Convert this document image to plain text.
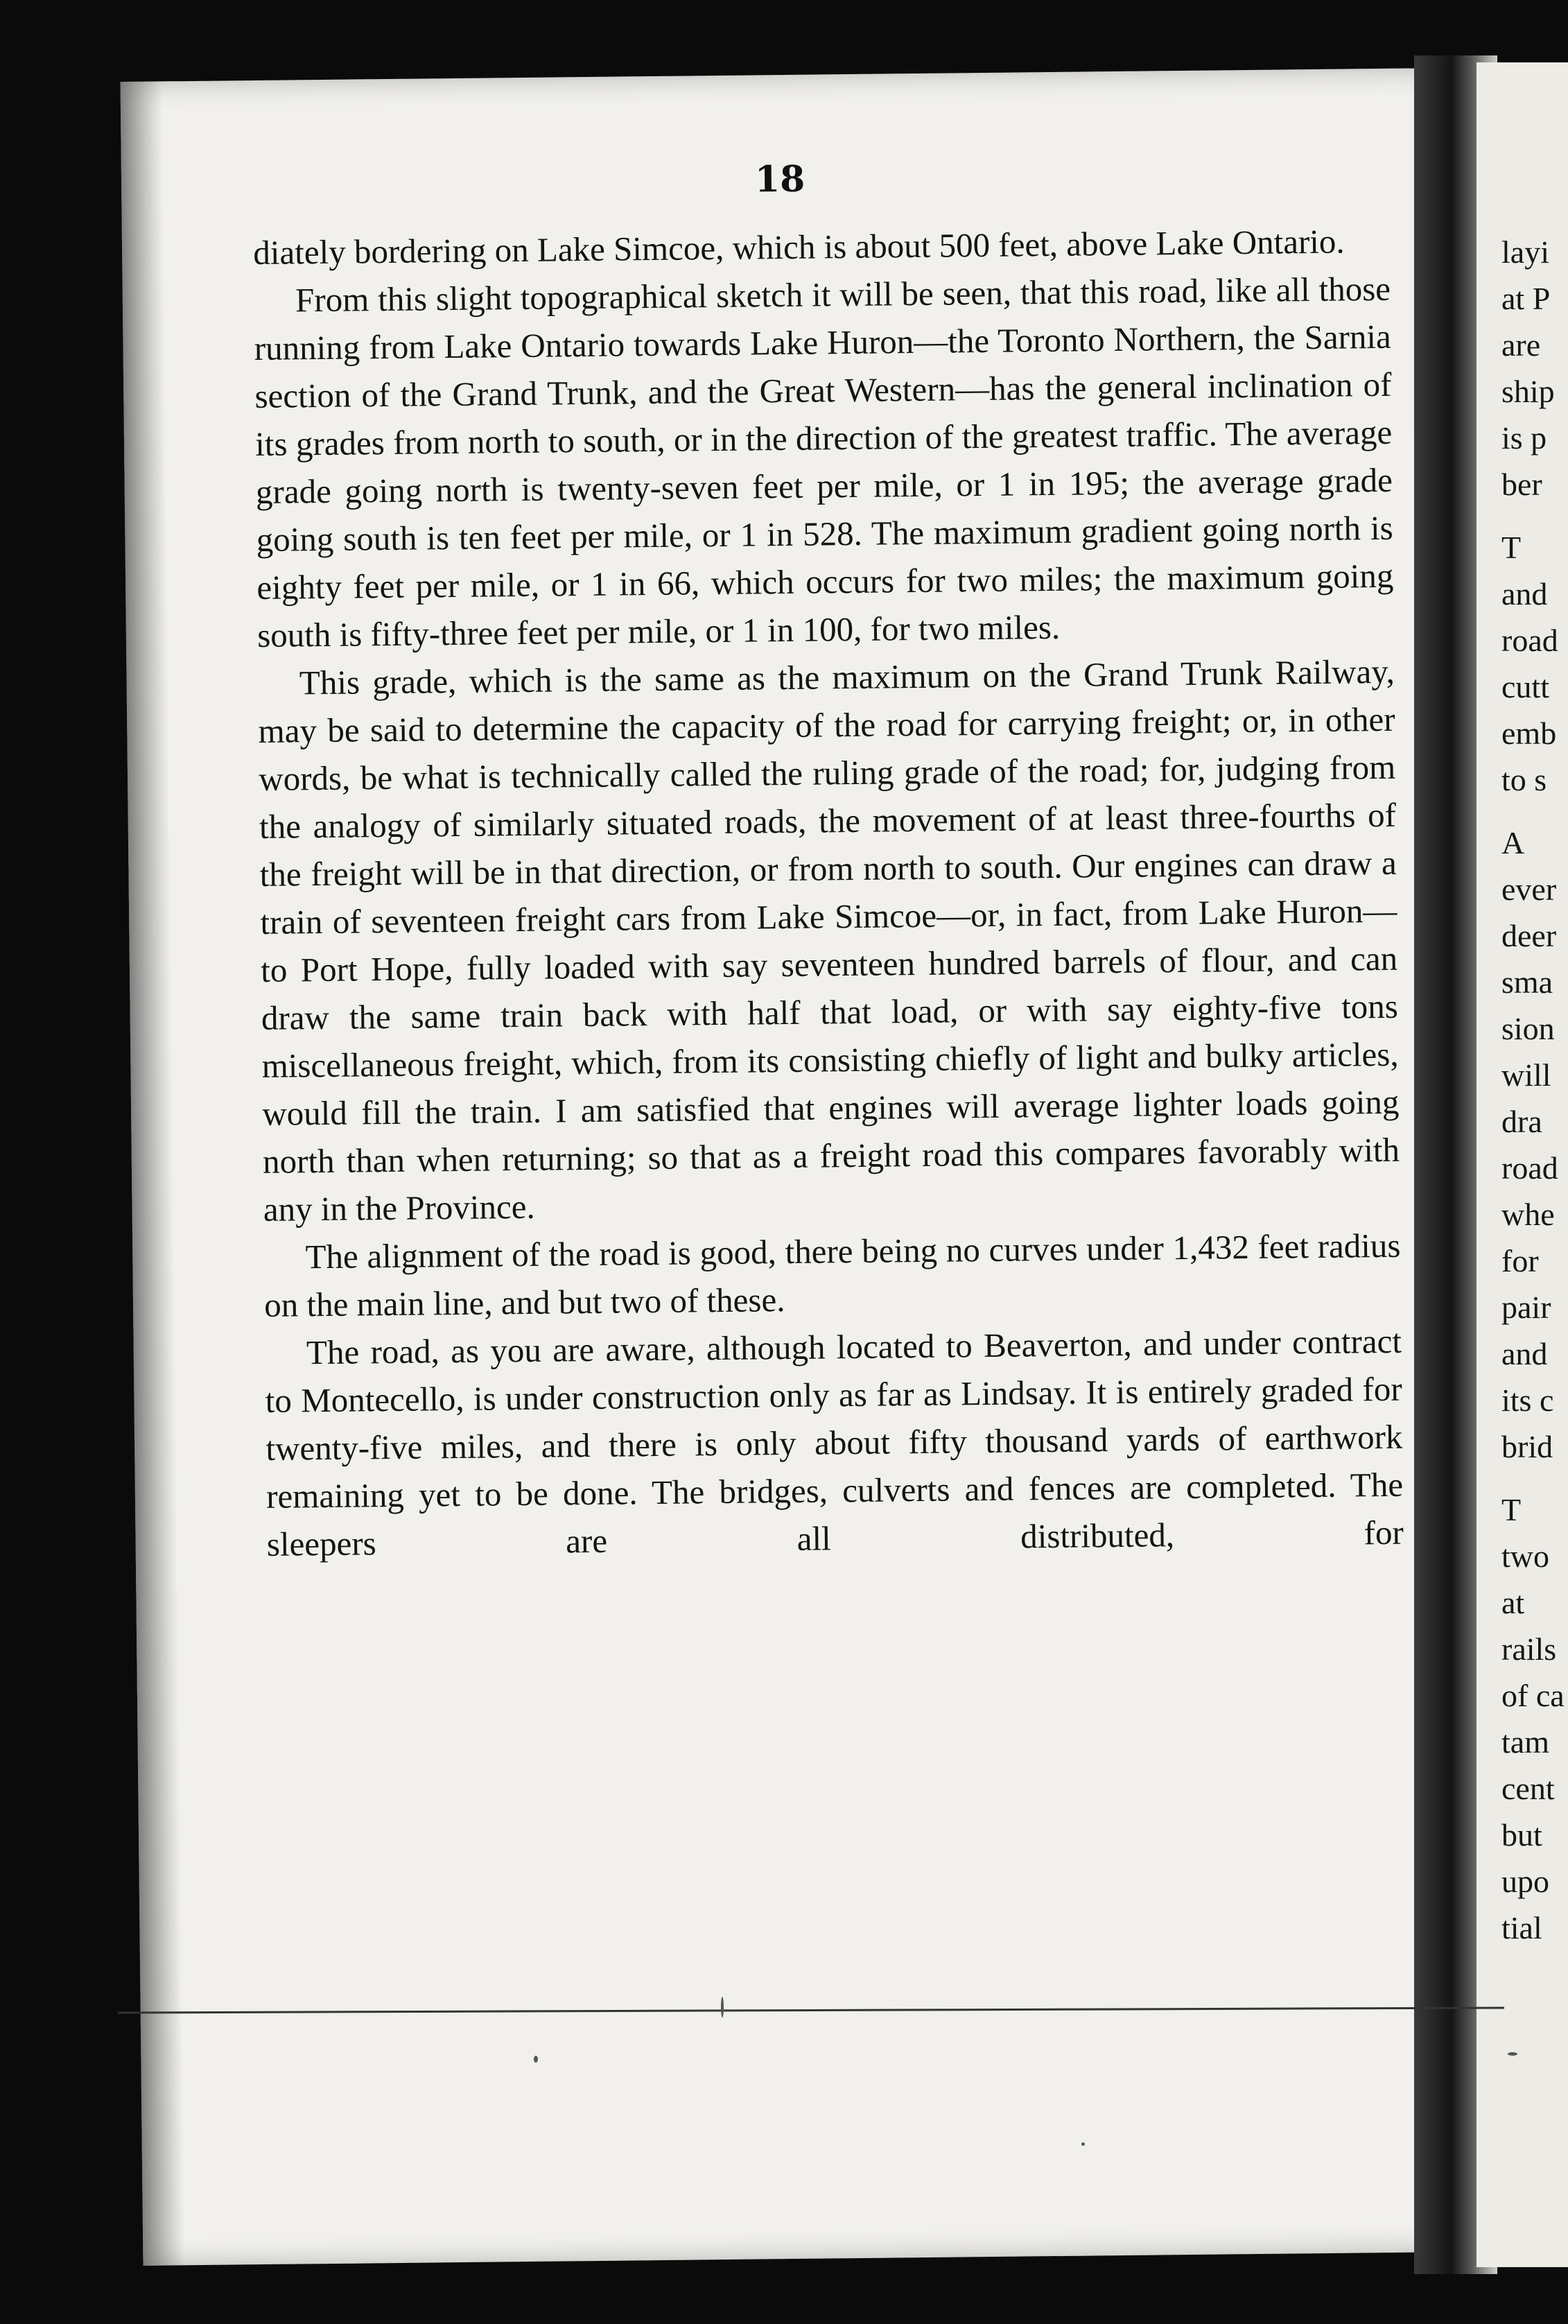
18

diately bordering on Lake Simcoe, which is about 500 feet, above Lake Ontario.

From this slight topographical sketch it will be seen, that this road, like all those running from Lake Ontario towards Lake Huron—the Toronto Northern, the Sarnia section of the Grand Trunk, and the Great Western—has the general inclination of its grades from north to south, or in the direction of the greatest traffic. The average grade going north is twenty-seven feet per mile, or 1 in 195; the average grade going south is ten feet per mile, or 1 in 528. The maximum gradient going north is eighty feet per mile, or 1 in 66, which occurs for two miles; the maximum going south is fifty-three feet per mile, or 1 in 100, for two miles.

This grade, which is the same as the maximum on the Grand Trunk Railway, may be said to determine the capacity of the road for carrying freight; or, in other words, be what is technically called the ruling grade of the road; for, judging from the analogy of similarly situated roads, the movement of at least three-fourths of the freight will be in that direction, or from north to south. Our engines can draw a train of seventeen freight cars from Lake Simcoe—or, in fact, from Lake Huron—to Port Hope, fully loaded with say seventeen hundred barrels of flour, and can draw the same train back with half that load, or with say eighty-five tons miscellaneous freight, which, from its consisting chiefly of light and bulky articles, would fill the train. I am satisfied that engines will average lighter loads going north than when returning; so that as a freight road this compares favorably with any in the Province.

The alignment of the road is good, there being no curves under 1,432 feet radius on the main line, and but two of these.

The road, as you are aware, although located to Beaverton, and under contract to Montecello, is under construction only as far as Lindsay. It is entirely graded for twenty-five miles, and there is only about fifty thousand yards of earthwork remaining yet to be done. The bridges, culverts and fences are completed. The sleepers are all distributed, for

layi
at P
are
ship
is p
ber
T
and
road
cutt
emb
to s
A
ever
deer
sma
sion
will
dra
road
whe
for
pair
and
its c
brid
T
two
at
rails
of ca
tam
cent
but
upo
tial
